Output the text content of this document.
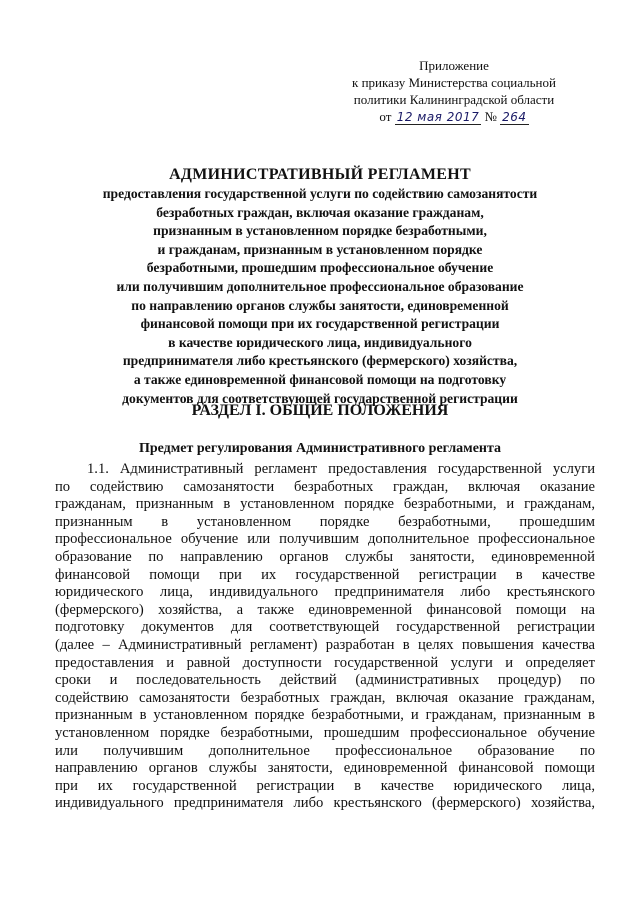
Приложение
к приказу Министерства социальной
политики Калининградской области
от 12 мая 2017 № 264
АДМИНИСТРАТИВНЫЙ РЕГЛАМЕНТ
предоставления государственной услуги по содействию самозанятости
безработных граждан, включая оказание гражданам,
признанным в установленном порядке безработными,
и гражданам, признанным в установленном порядке
безработными, прошедшим профессиональное обучение
или получившим дополнительное профессиональное образование
по направлению органов службы занятости, единовременной
финансовой помощи при их государственной регистрации
в качестве юридического лица, индивидуального
предпринимателя либо крестьянского (фермерского) хозяйства,
а также единовременной финансовой помощи на подготовку
документов для соответствующей государственной регистрации
РАЗДЕЛ I. ОБЩИЕ ПОЛОЖЕНИЯ
Предмет регулирования Административного регламента
1.1. Административный регламент предоставления государственной услуги
по содействию самозанятости безработных граждан, включая оказание
гражданам, признанным в установленном порядке безработными, и гражданам,
признанным в установленном порядке безработными, прошедшим
профессиональное обучение или получившим дополнительное профессиональное
образование по направлению органов службы занятости, единовременной
финансовой помощи при их государственной регистрации в качестве
юридического лица, индивидуального предпринимателя либо крестьянского
(фермерского) хозяйства, а также единовременной финансовой помощи на
подготовку документов для соответствующей государственной регистрации
(далее – Административный регламент) разработан в целях повышения качества
предоставления и равной доступности государственной услуги и определяет
сроки и последовательность действий (административных процедур) по
содействию самозанятости безработных граждан, включая оказание гражданам,
признанным в установленном порядке безработными, и гражданам, признанным в
установленном порядке безработными, прошедшим профессиональное обучение
или получившим дополнительное профессиональное образование по
направлению органов службы занятости, единовременной финансовой помощи
при их государственной регистрации в качестве юридического лица,
индивидуального предпринимателя либо крестьянского (фермерского) хозяйства,
